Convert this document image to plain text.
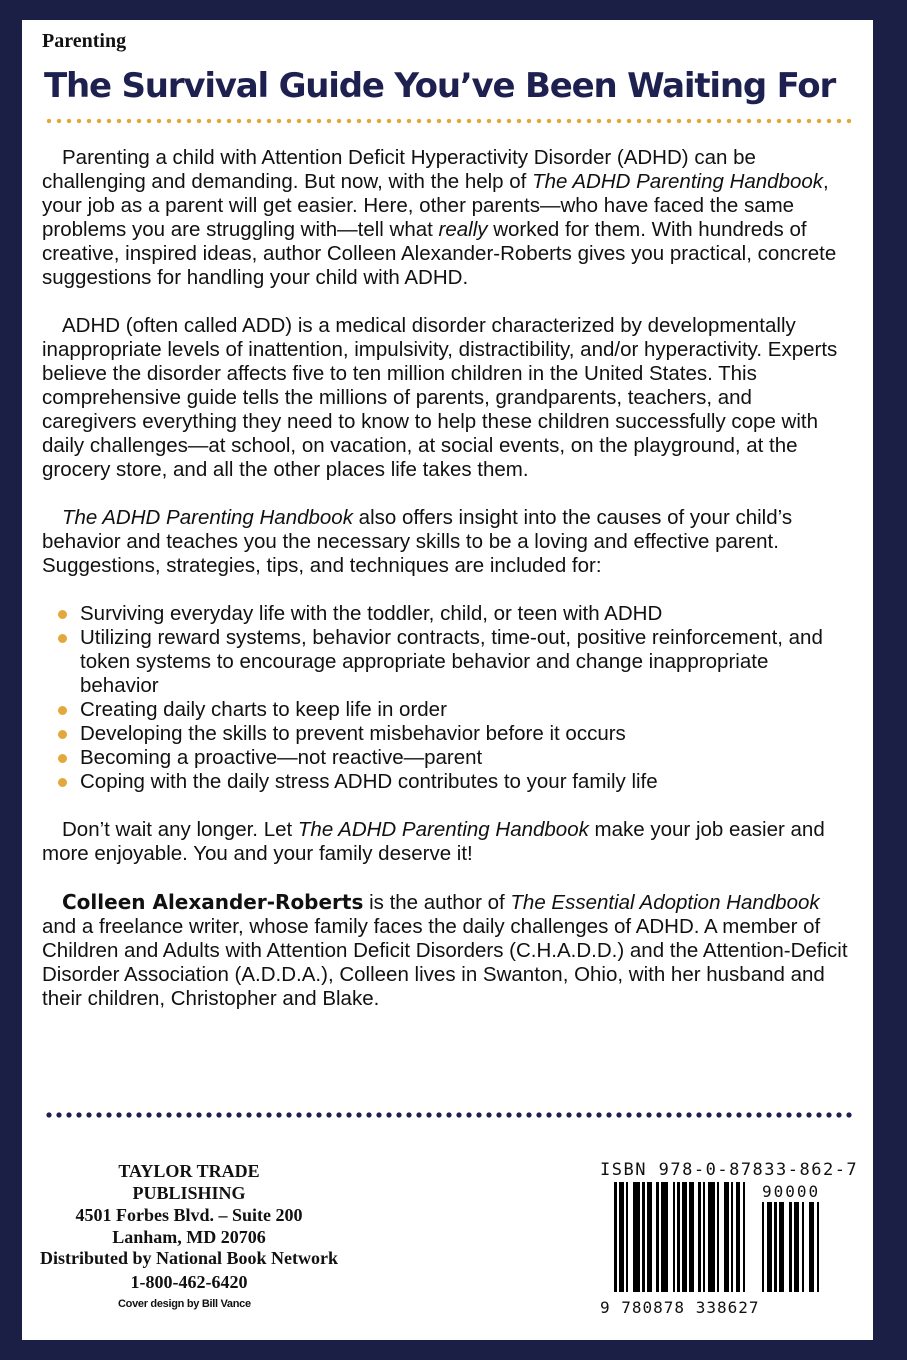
Parenting
The Survival Guide You’ve Been Waiting For

Parenting a child with Attention Deficit Hyperactivity Disorder (ADHD) can be challenging and demanding. But now, with the help of The ADHD Parenting Handbook, your job as a parent will get easier. Here, other parents—who have faced the same problems you are struggling with—tell what really worked for them. With hundreds of creative, inspired ideas, author Colleen Alexander-Roberts gives you practical, concrete suggestions for handling your child with ADHD.

ADHD (often called ADD) is a medical disorder characterized by developmentally inappropriate levels of inattention, impulsivity, distractibility, and/or hyperactivity. Experts believe the disorder affects five to ten million children in the United States. This comprehensive guide tells the millions of parents, grandparents, teachers, and caregivers everything they need to know to help these children successfully cope with daily challenges—at school, on vacation, at social events, on the playground, at the grocery store, and all the other places life takes them.

The ADHD Parenting Handbook also offers insight into the causes of your child’s behavior and teaches you the necessary skills to be a loving and effective parent. Suggestions, strategies, tips, and techniques are included for:

Surviving everyday life with the toddler, child, or teen with ADHD
Utilizing reward systems, behavior contracts, time-out, positive reinforcement, and token systems to encourage appropriate behavior and change inappropriate behavior
Creating daily charts to keep life in order
Developing the skills to prevent misbehavior before it occurs
Becoming a proactive—not reactive—parent
Coping with the daily stress ADHD contributes to your family life

Don’t wait any longer. Let The ADHD Parenting Handbook make your job easier and more enjoyable. You and your family deserve it!

Colleen Alexander-Roberts is the author of The Essential Adoption Handbook and a freelance writer, whose family faces the daily challenges of ADHD. A member of Children and Adults with Attention Deficit Disorders (C.H.A.D.D.) and the Attention-Deficit Disorder Association (A.D.D.A.), Colleen lives in Swanton, Ohio, with her husband and their children, Christopher and Blake.

TAYLOR TRADE PUBLISHING
4501 Forbes Blvd. – Suite 200
Lanham, MD 20706
Distributed by National Book Network
1-800-462-6420
Cover design by Bill Vance
ISBN 978-0-87833-862-7
90000
9 780878 338627
